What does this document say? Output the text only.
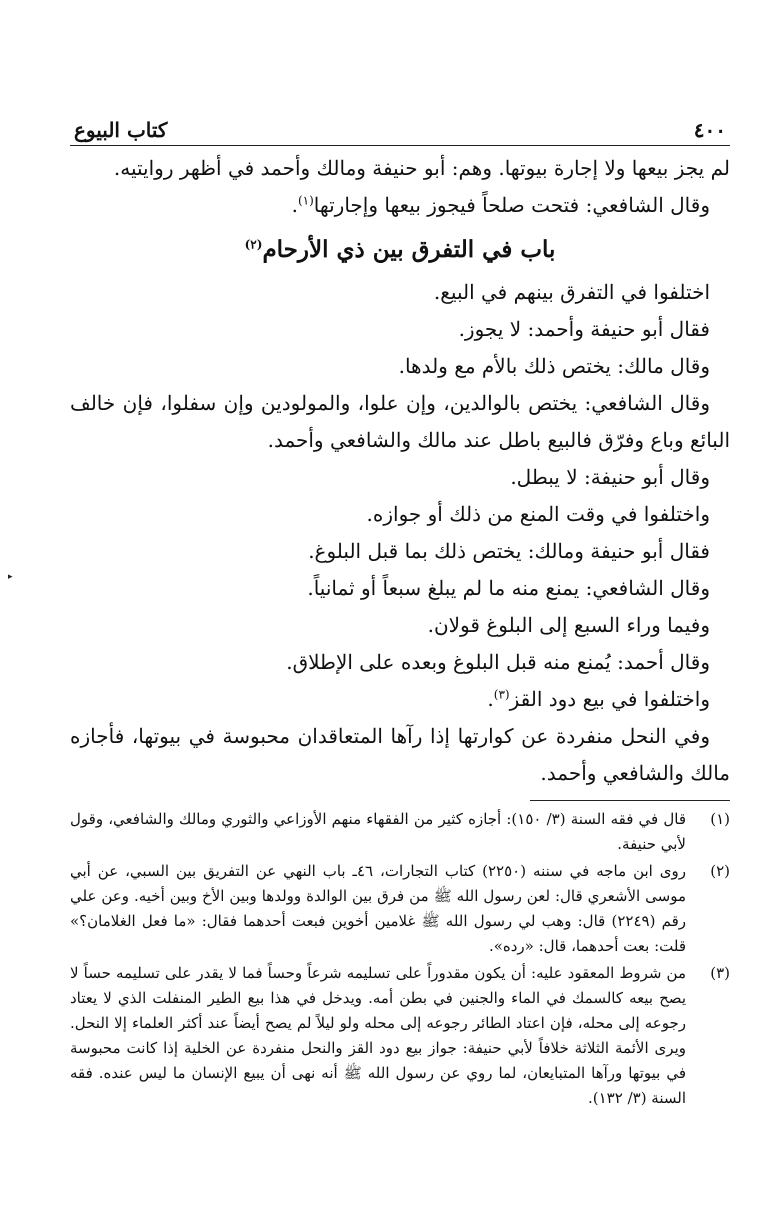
▸
٤٠٠
كتاب البيوع

لم يجز بيعها ولا إجارة بيوتها. وهم: أبو حنيفة ومالك وأحمد في أظهر روايتيه.

وقال الشافعي: فتحت صلحاً فيجوز بيعها وإجارتها$^{(١)}$.

باب في التفرق بين ذي الأرحام$^{(٢)}$

اختلفوا في التفرق بينهم في البيع.

فقال أبو حنيفة وأحمد: لا يجوز.

وقال مالك: يختص ذلك بالأم مع ولدها.

وقال الشافعي: يختص بالوالدين، وإن علوا، والمولودين وإن سفلوا، فإن خالف البائع وباع وفرّق فالبيع باطل عند مالك والشافعي وأحمد.

وقال أبو حنيفة: لا يبطل.

واختلفوا في وقت المنع من ذلك أو جوازه.

فقال أبو حنيفة ومالك: يختص ذلك بما قبل البلوغ.

وقال الشافعي: يمنع منه ما لم يبلغ سبعاً أو ثمانياً.

وفيما وراء السبع إلى البلوغ قولان.

وقال أحمد: يُمنع منه قبل البلوغ وبعده على الإطلاق.

واختلفوا في بيع دود القز$^{(٣)}$.

وفي النحل منفردة عن كوارتها إذا رآها المتعاقدان محبوسة في بيوتها، فأجازه مالك والشافعي وأحمد.

(١)
قال في فقه السنة (٣/ ١٥٠): أجازه كثير من الفقهاء منهم الأوزاعي والثوري ومالك والشافعي، وقول لأبي حنيفة.
(٢)
روى ابن ماجه في سننه (٢٢٥٠) كتاب التجارات، ٤٦ـ باب النهي عن التفريق بين السبي، عن أبي موسى الأشعري قال: لعن رسول الله ﷺ من فرق بين الوالدة وولدها وبين الأخ وبين أخيه. وعن علي رقم (٢٢٤٩) قال: وهب لي رسول الله ﷺ غلامين أخوين فبعت أحدهما فقال: «ما فعل الغلامان؟» قلت: بعت أحدهما، قال: «رده».
(٣)
من شروط المعقود عليه: أن يكون مقدوراً على تسليمه شرعاً وحساً فما لا يقدر على تسليمه حساً لا يصح بيعه كالسمك في الماء والجنين في بطن أمه. ويدخل في هذا بيع الطير المنفلت الذي لا يعتاد رجوعه إلى محله، فإن اعتاد الطائر رجوعه إلى محله ولو ليلاً لم يصح أيضاً عند أكثر العلماء إلا النحل. ويرى الأئمة الثلاثة خلافاً لأبي حنيفة: جواز بيع دود القز والنحل منفردة عن الخلية إذا كانت محبوسة في بيوتها ورآها المتبايعان، لما روي عن رسول الله ﷺ أنه نهى أن يبيع الإنسان ما ليس عنده. فقه السنة (٣/ ١٣٢).
